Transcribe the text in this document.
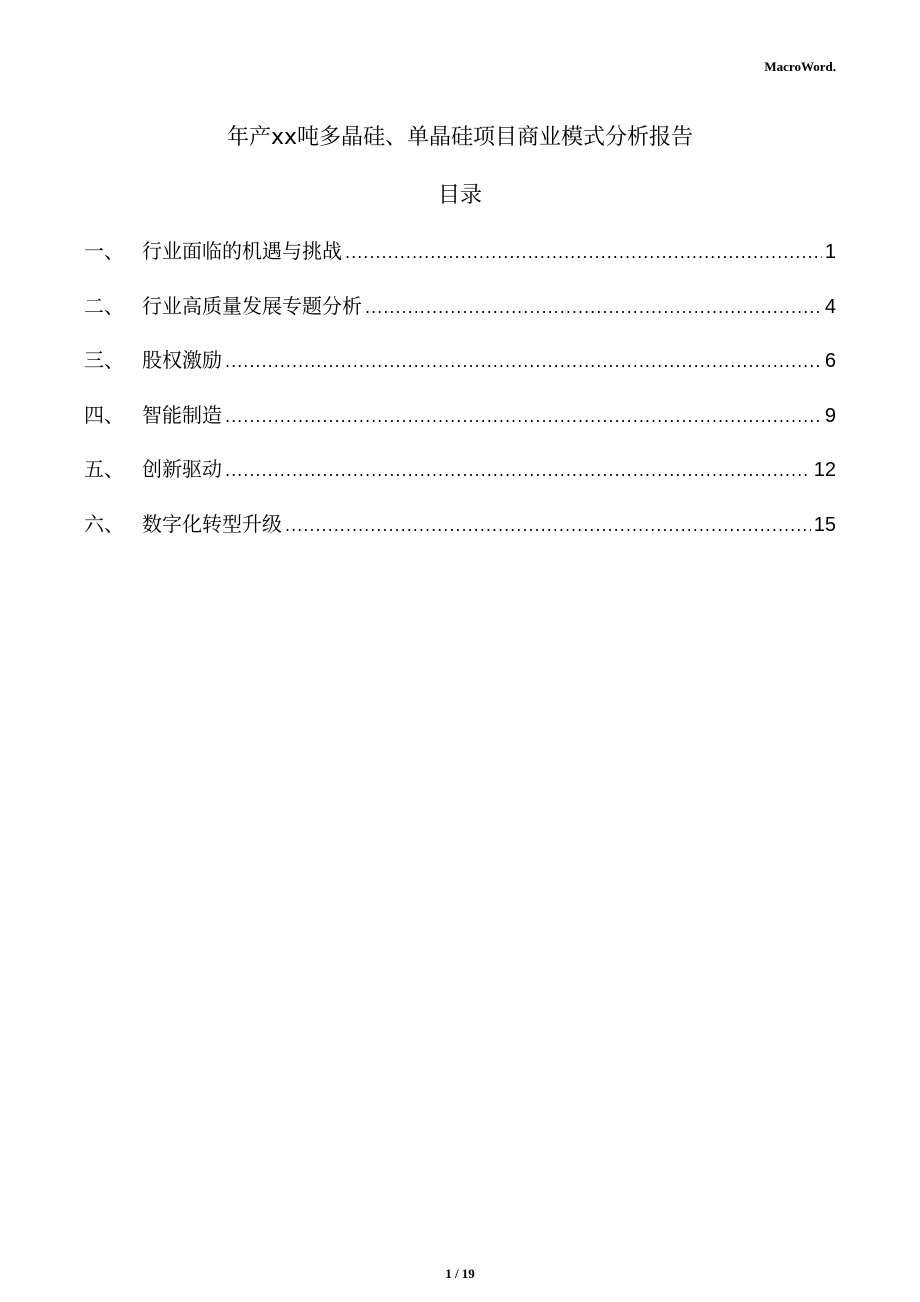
MacroWord.
年产xx吨多晶硅、单晶硅项目商业模式分析报告
目录
一、 行业面临的机遇与挑战 .....	1
二、 行业高质量发展专题分析 .....	4
三、 股权激励 .....	6
四、 智能制造 .....	9
五、 创新驱动 .....	12
六、 数字化转型升级 .....	15
1 / 19
